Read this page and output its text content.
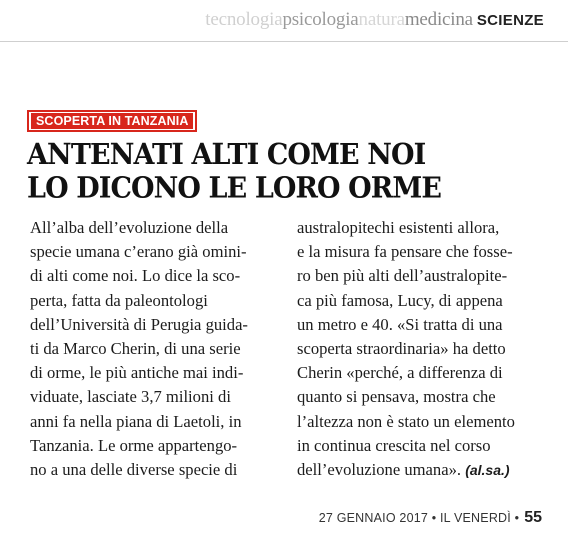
tecnologiapsicologianaturamedicina SCIENZE
SCOPERTA IN TANZANIA
ANTENATI ALTI COME NOI
LO DICONO LE LORO ORME
All’alba dell’evoluzione della
specie umana c’erano già omini-
di alti come noi. Lo dice la sco-
perta, fatta da paleontologi
dell’Università di Perugia guida-
ti da Marco Cherin, di una serie
di orme, le più antiche mai indi-
viduate, lasciate 3,7 milioni di
anni fa nella piana di Laetoli, in
Tanzania. Le orme appartengo-
no a una delle diverse specie di
australopitechi esistenti allora,
e la misura fa pensare che fosse-
ro ben più alti dell’australopite-
ca più famosa, Lucy, di appena
un metro e 40. «Si tratta di una
scoperta straordinaria» ha detto
Cherin «perché, a differenza di
quanto si pensava, mostra che
l’altezza non è stato un elemento
in continua crescita nel corso
dell’evoluzione umana». (al.sa.)
27 GENNAIO 2017 • IL VENERDÌ • 55
